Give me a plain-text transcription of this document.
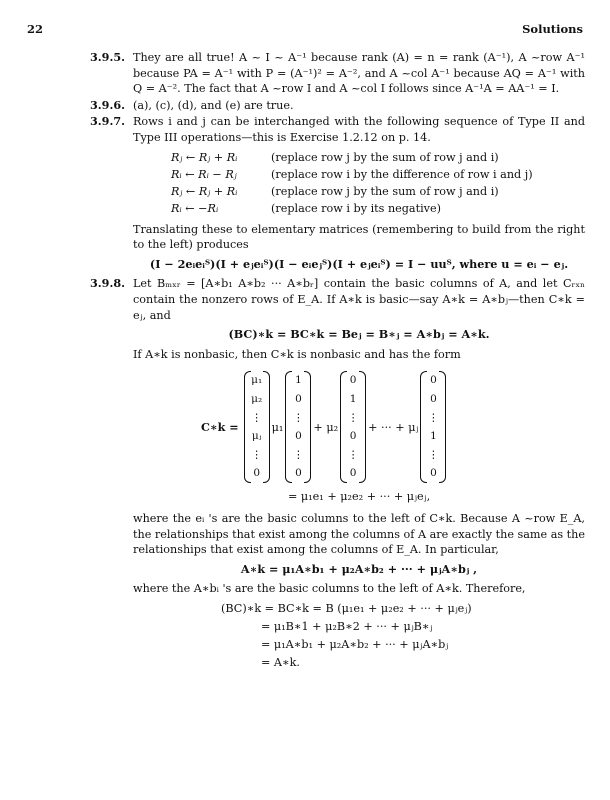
22	Solutions
3.9.5. They are all true! A ~ I ~ A⁻¹ because rank (A) = n = rank (A⁻¹), A ~row A⁻¹ because PA = A⁻¹ with P = (A⁻¹)² = A⁻², and A ~col A⁻¹ because AQ = A⁻¹ with Q = A⁻². The fact that A ~row I and A ~col I follows since A⁻¹A = AA⁻¹ = I.

3.9.6. (a), (c), (d), and (e) are true.

3.9.7. Rows i and j can be interchanged with the following sequence of Type II and Type III operations—this is Exercise 1.2.12 on p. 14.

Rⱼ ← Rⱼ + Rᵢ	(replace row j by the sum of row j and i)
Rᵢ ← Rᵢ − Rⱼ	(replace row i by the difference of row i and j)
Rⱼ ← Rⱼ + Rᵢ	(replace row j by the sum of row j and i)
Rᵢ ← −Rᵢ	(replace row i by its negative)

Translating these to elementary matrices (remembering to build from the right to the left) produces

(I − 2eᵢeᵢᵀ)(I + eⱼeᵢᵀ)(I − eᵢeⱼᵀ)(I + eⱼeᵢᵀ) = I − uuᵀ, where u = eᵢ − eⱼ.
3.9.8. Let Bₘₓᵣ = [A∗b₁ A∗b₂ ··· A∗bᵣ] contain the basic columns of A, and let Cᵣₓₙ contain the nonzero rows of E_A. If A∗k is basic—say A∗k = A∗bⱼ—then C∗k = eⱼ, and

(BC)∗k = BC∗k = Beⱼ = B∗ⱼ = A∗bⱼ = A∗k.

If A∗k is nonbasic, then C∗k is nonbasic and has the form

C∗k =
μ₁
μ₂
⋮
μⱼ
⋮
0
μ₁
1
0
⋮
0
⋮
0
+ μ₂
0
1
⋮
0
⋮
0
+ ··· + μⱼ
0
0
⋮
1
⋮
0
= μ₁e₁ + μ₂e₂ + ··· + μⱼeⱼ,

where the eᵢ 's are the basic columns to the left of C∗k. Because A ~row E_A, the relationships that exist among the columns of A are exactly the same as the relationships that exist among the columns of E_A. In particular,

A∗k = μ₁A∗b₁ + μ₂A∗b₂ + ··· + μⱼA∗bⱼ ,

where the A∗bᵢ 's are the basic columns to the left of A∗k. Therefore,

(BC)∗k = BC∗k = B (μ₁e₁ + μ₂e₂ + ··· + μⱼeⱼ)
= μ₁B∗1 + μ₂B∗2 + ··· + μⱼB∗ⱼ
= μ₁A∗b₁ + μ₂A∗b₂ + ··· + μⱼA∗bⱼ
= A∗k.
